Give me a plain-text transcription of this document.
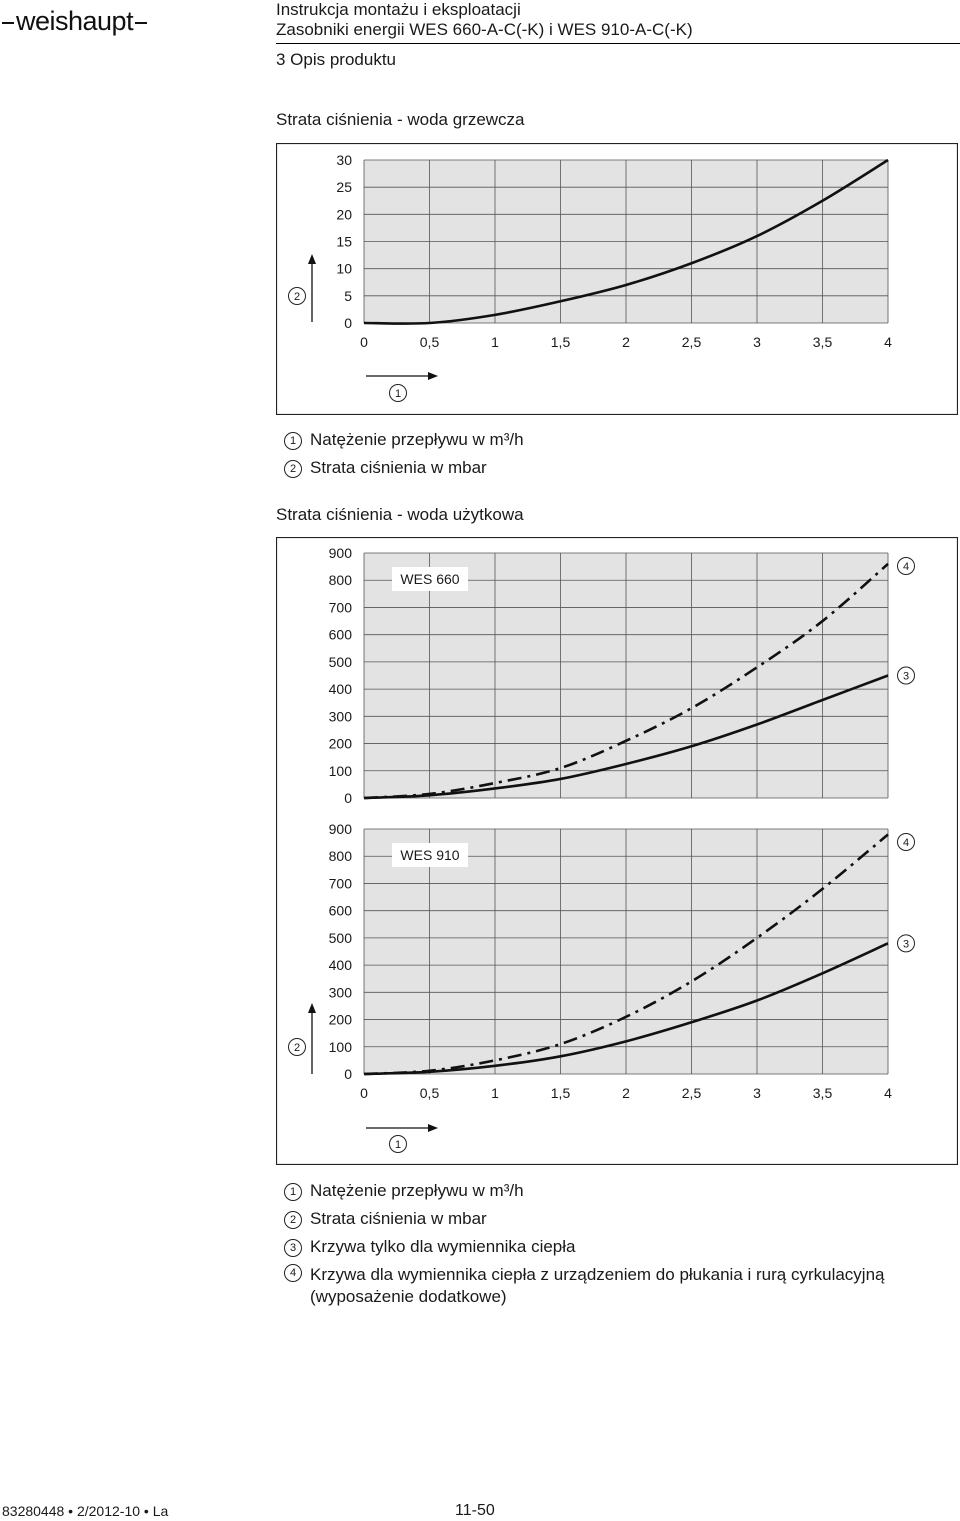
weishaupt	Instrukcja montażu i eksploatacji
Zasobniki energii WES 660-A-C(-K) i WES 910-A-C(-K)
3 Opis produktu
Strata ciśnienia - woda grzewcza
0
5
10
15
20
25
30
0	0,5	1	1,5	2	2,5	3	3,5	4
2
1
1 Natężenie przepływu w m³/h
2 Strata ciśnienia w mbar
Strata ciśnienia - woda użytkowa
0
100
200
300
400
500
600
700
800
900
WES 660
3
4
0
100
200
300
400
500
600
700
800
900
0	0,5	1	1,5	2	2,5	3	3,5	4
WES 910
3
4
2
1
1 Natężenie przepływu w m³/h
2 Strata ciśnienia w mbar
3 Krzywa tylko dla wymiennika ciepła
4 Krzywa dla wymiennika ciepła z urządzeniem do płukania i rurą cyrkulacyjną (wyposażenie dodatkowe)
83280448 • 2/2012-10 • La	11-50
